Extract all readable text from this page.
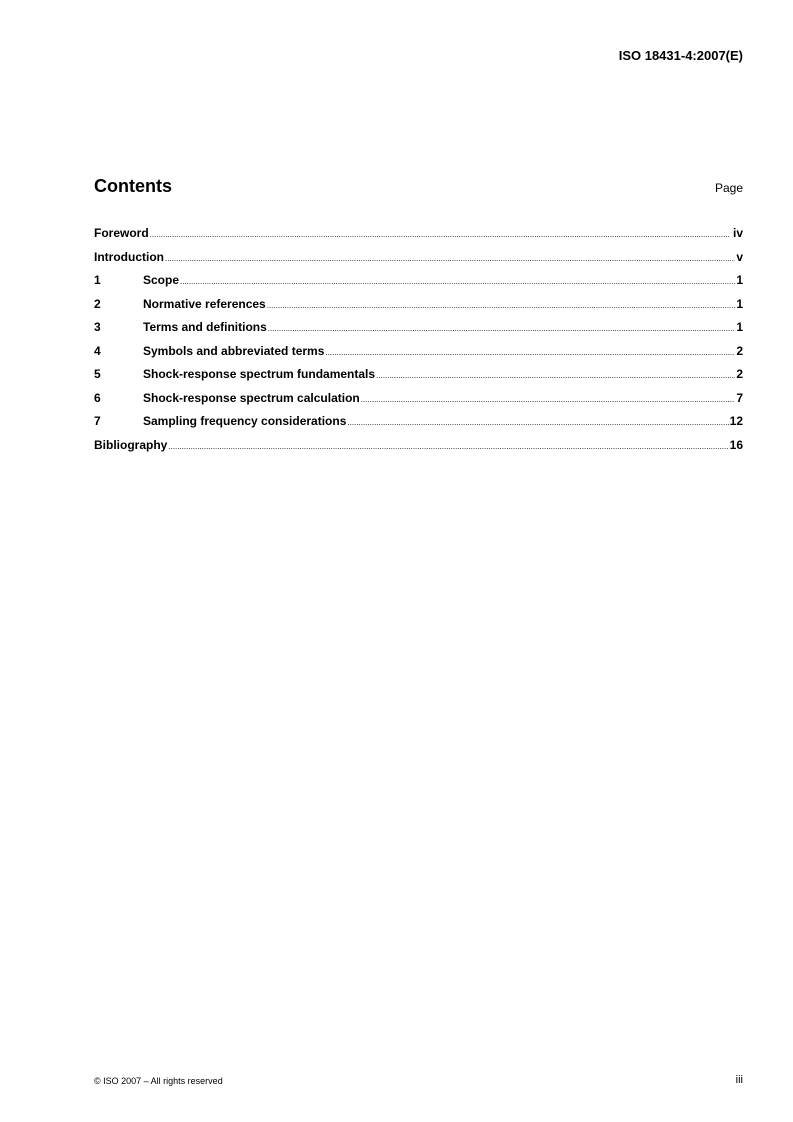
ISO 18431-4:2007(E)
Contents	Page
Foreword .....	iv
Introduction .....	v
1	Scope .....	1
2	Normative references .....	1
3	Terms and definitions .....	1
4	Symbols and abbreviated terms .....	2
5	Shock-response spectrum fundamentals .....	2
6	Shock-response spectrum calculation .....	7
7	Sampling frequency considerations .....	12
Bibliography .....	16
© ISO 2007 – All rights reserved	iii
